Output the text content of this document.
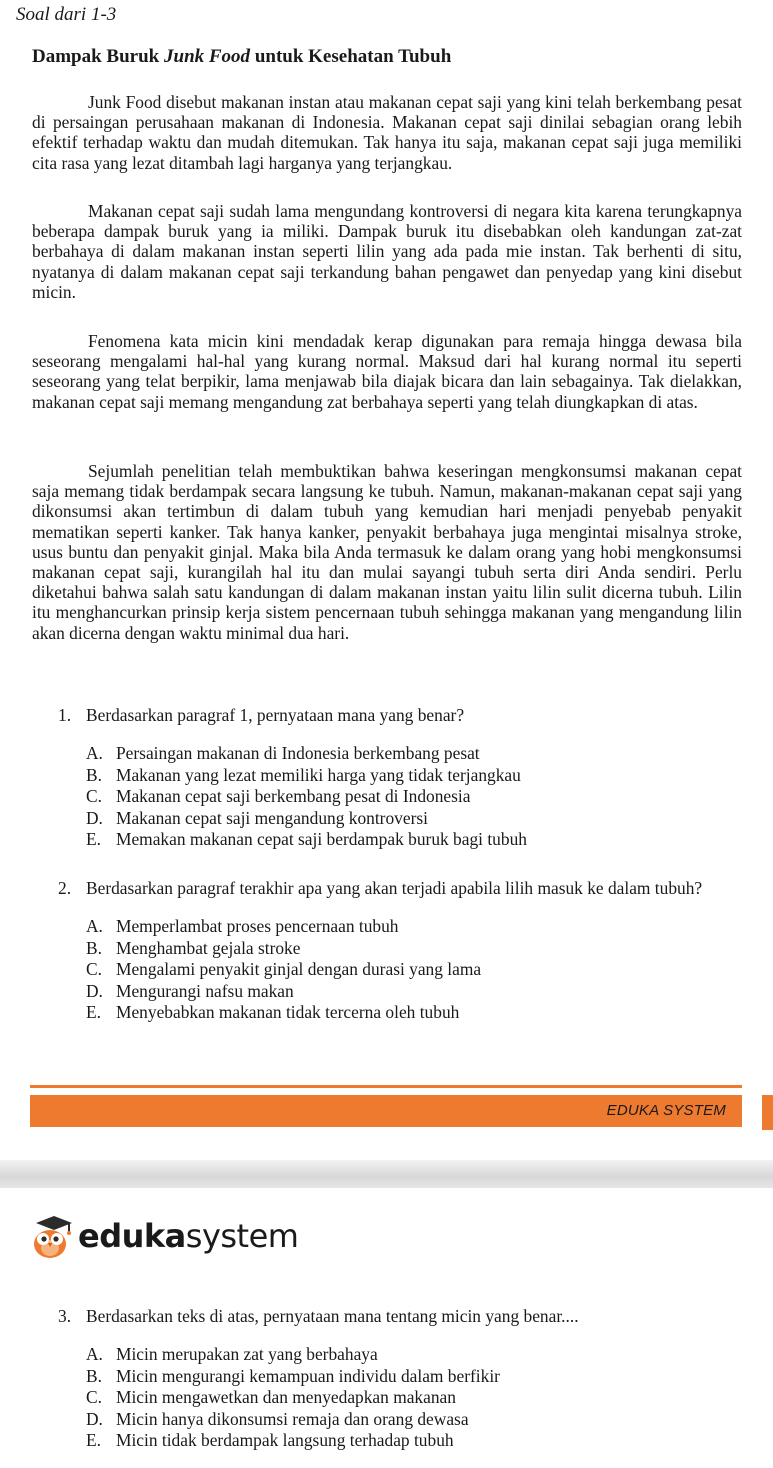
Soal dari 1-3
Dampak Buruk Junk Food untuk Kesehatan Tubuh

Junk Food disebut makanan instan atau makanan cepat saji yang kini telah berkembang pesat di persaingan perusahaan makanan di Indonesia. Makanan cepat saji dinilai sebagian orang lebih efektif terhadap waktu dan mudah ditemukan. Tak hanya itu saja, makanan cepat saji juga memiliki cita rasa yang lezat ditambah lagi harganya yang terjangkau.

Makanan cepat saji sudah lama mengundang kontroversi di negara kita karena terungkapnya beberapa dampak buruk yang ia miliki. Dampak buruk itu disebabkan oleh kandungan zat-zat berbahaya di dalam makanan instan seperti lilin yang ada pada mie instan. Tak berhenti di situ, nyatanya di dalam makanan cepat saji terkandung bahan pengawet dan penyedap yang kini disebut micin.

Fenomena kata micin kini mendadak kerap digunakan para remaja hingga dewasa bila seseorang mengalami hal-hal yang kurang normal. Maksud dari hal kurang normal itu seperti seseorang yang telat berpikir, lama menjawab bila diajak bicara dan lain sebagainya. Tak dielakkan, makanan cepat saji memang mengandung zat berbahaya seperti yang telah diungkapkan di atas.

Sejumlah penelitian telah membuktikan bahwa keseringan mengkonsumsi makanan cepat saja memang tidak berdampak secara langsung ke tubuh. Namun, makanan-makanan cepat saji yang dikonsumsi akan tertimbun di dalam tubuh yang kemudian hari menjadi penyebab penyakit mematikan seperti kanker. Tak hanya kanker, penyakit berbahaya juga mengintai misalnya stroke, usus buntu dan penyakit ginjal. Maka bila Anda termasuk ke dalam orang yang hobi mengkonsumsi makanan cepat saji, kurangilah hal itu dan mulai sayangi tubuh serta diri Anda sendiri. Perlu diketahui bahwa salah satu kandungan di dalam makanan instan yaitu lilin sulit dicerna tubuh. Lilin itu menghancurkan prinsip kerja sistem pencernaan tubuh sehingga makanan yang mengandung lilin akan dicerna dengan waktu minimal dua hari.

1. Berdasarkan paragraf 1, pernyataan mana yang benar?
A. Persaingan makanan di Indonesia berkembang pesat
B. Makanan yang lezat memiliki harga yang tidak terjangkau
C. Makanan cepat saji berkembang pesat di Indonesia
D. Makanan cepat saji mengandung kontroversi
E. Memakan makanan cepat saji berdampak buruk bagi tubuh
2. Berdasarkan paragraf terakhir apa yang akan terjadi apabila lilih masuk ke dalam tubuh?
A. Memperlambat proses pencernaan tubuh
B. Menghambat gejala stroke
C. Mengalami penyakit ginjal dengan durasi yang lama
D. Mengurangi nafsu makan
E. Menyebabkan makanan tidak tercerna oleh tubuh
EDUKA SYSTEM
edukasystem
3. Berdasarkan teks di atas, pernyataan mana tentang micin yang benar....
A. Micin merupakan zat yang berbahaya
B. Micin mengurangi kemampuan individu dalam berfikir
C. Micin mengawetkan dan menyedapkan makanan
D. Micin hanya dikonsumsi remaja dan orang dewasa
E. Micin tidak berdampak langsung terhadap tubuh
